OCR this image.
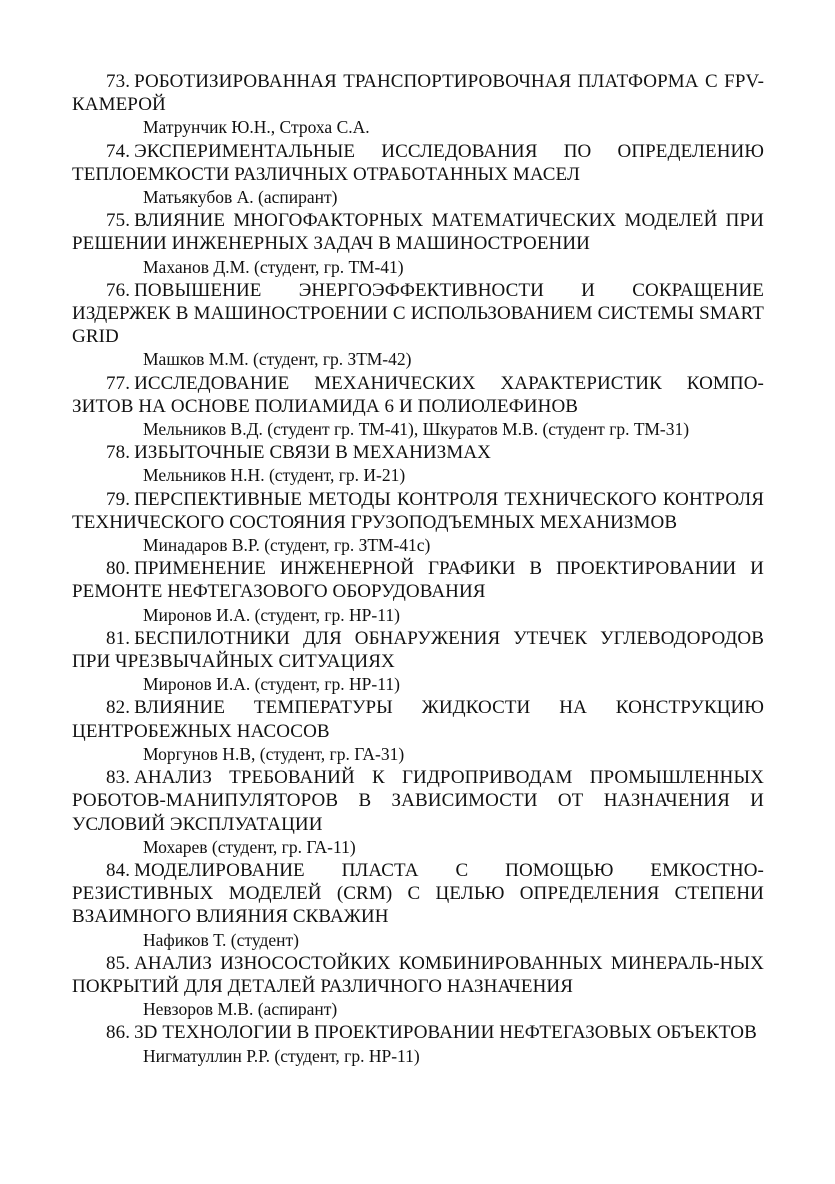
73. РОБОТИЗИРОВАННАЯ ТРАНСПОРТИРОВОЧНАЯ ПЛАТФОРМА С FPV-КАМЕРОЙ

Матрунчик Ю.Н., Строха С.А.

74. ЭКСПЕРИМЕНТАЛЬНЫЕ ИССЛЕДОВАНИЯ ПО ОПРЕДЕЛЕНИЮ ТЕПЛОЕМКОСТИ РАЗЛИЧНЫХ ОТРАБОТАННЫХ МАСЕЛ

Матьякубов А. (аспирант)

75. ВЛИЯНИЕ МНОГОФАКТОРНЫХ МАТЕМАТИЧЕСКИХ МОДЕЛЕЙ ПРИ РЕШЕНИИ ИНЖЕНЕРНЫХ ЗАДАЧ В МАШИНОСТРОЕНИИ

Маханов Д.М. (студент, гр. ТМ-41)

76. ПОВЫШЕНИЕ ЭНЕРГОЭФФЕКТИВНОСТИ И СОКРАЩЕНИЕ ИЗДЕРЖЕК В МАШИНОСТРОЕНИИ С ИСПОЛЬЗОВАНИЕМ СИСТЕМЫ SMART GRID

Машков М.М. (студент, гр. ЗТМ-42)

77. ИССЛЕДОВАНИЕ МЕХАНИЧЕСКИХ ХАРАКТЕРИСТИК КОМПО-ЗИТОВ НА ОСНОВЕ ПОЛИАМИДА 6 И ПОЛИОЛЕФИНОВ

Мельников В.Д. (студент гр. ТМ-41), Шкуратов М.В. (студент гр. ТМ-31)

78. ИЗБЫТОЧНЫЕ СВЯЗИ В МЕХАНИЗМАХ

Мельников Н.Н. (студент, гр. И-21)

79. ПЕРСПЕКТИВНЫЕ МЕТОДЫ КОНТРОЛЯ ТЕХНИЧЕСКОГО КОНТРОЛЯ ТЕХНИЧЕСКОГО СОСТОЯНИЯ ГРУЗОПОДЪЕМНЫХ МЕХАНИЗМОВ

Минадаров В.Р. (студент, гр. ЗТМ-41с)

80. ПРИМЕНЕНИЕ ИНЖЕНЕРНОЙ ГРАФИКИ В ПРОЕКТИРОВАНИИ И РЕМОНТЕ НЕФТЕГАЗОВОГО ОБОРУДОВАНИЯ

Миронов И.А. (студент, гр. НР-11)

81. БЕСПИЛОТНИКИ ДЛЯ ОБНАРУЖЕНИЯ УТЕЧЕК УГЛЕВОДОРОДОВ ПРИ ЧРЕЗВЫЧАЙНЫХ СИТУАЦИЯХ

Миронов И.А. (студент, гр. НР-11)

82. ВЛИЯНИЕ ТЕМПЕРАТУРЫ ЖИДКОСТИ НА КОНСТРУКЦИЮ ЦЕНТРОБЕЖНЫХ НАСОСОВ

Моргунов Н.В, (студент, гр. ГА-31)

83. АНАЛИЗ ТРЕБОВАНИЙ К ГИДРОПРИВОДАМ ПРОМЫШЛЕННЫХ РОБОТОВ-МАНИПУЛЯТОРОВ В ЗАВИСИМОСТИ ОТ НАЗНАЧЕНИЯ И УСЛОВИЙ ЭКСПЛУАТАЦИИ

Мохарев (студент, гр. ГА-11)

84. МОДЕЛИРОВАНИЕ ПЛАСТА С ПОМОЩЬЮ ЕМКОСТНО-РЕЗИСТИВНЫХ МОДЕЛЕЙ (CRM) С ЦЕЛЬЮ ОПРЕДЕЛЕНИЯ СТЕПЕНИ ВЗАИМНОГО ВЛИЯНИЯ СКВАЖИН

Нафиков Т. (студент)

85. АНАЛИЗ ИЗНОСОСТОЙКИХ КОМБИНИРОВАННЫХ МИНЕРАЛЬ-НЫХ ПОКРЫТИЙ ДЛЯ ДЕТАЛЕЙ РАЗЛИЧНОГО НАЗНАЧЕНИЯ

Невзоров М.В. (аспирант)

86. 3D ТЕХНОЛОГИИ В ПРОЕКТИРОВАНИИ НЕФТЕГАЗОВЫХ ОБЪЕКТОВ

Нигматуллин Р.Р. (студент, гр. НР-11)
